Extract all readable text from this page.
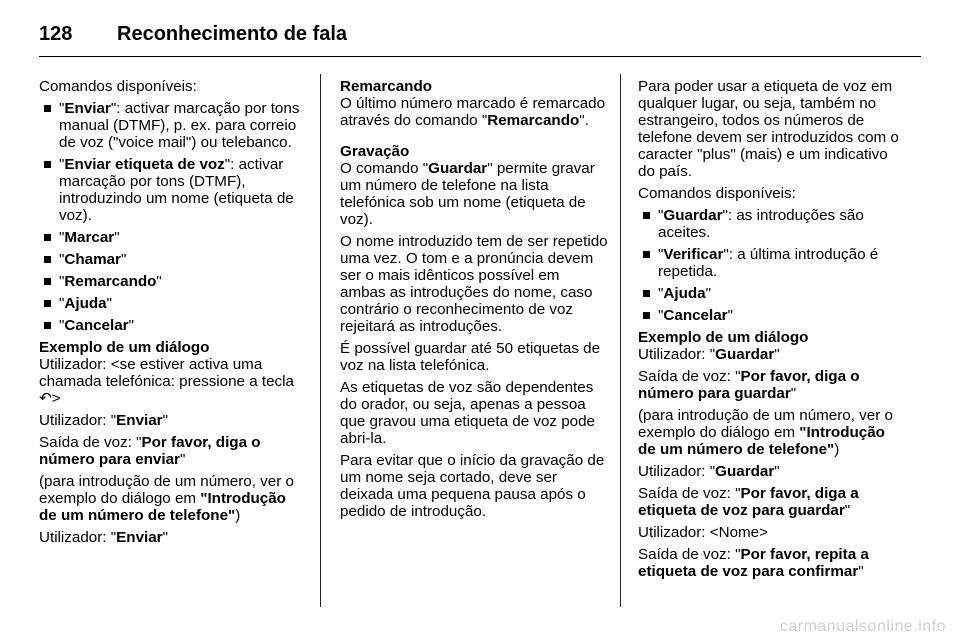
128	Reconhecimento de fala

Comandos disponíveis:

"Enviar": activar marcação por tons manual (DTMF), p. ex. para correio de voz ("voice mail") ou telebanco.
"Enviar etiqueta de voz": activar marcação por tons (DTMF), introduzindo um nome (etiqueta de voz).
"Marcar"
"Chamar"
"Remarcando"
"Ajuda"
"Cancelar"

Exemplo de um diálogo

Utilizador: <se estiver activa uma chamada telefónica: pressione a tecla ↶>

Utilizador: "Enviar"

Saída de voz: "Por favor, diga o número para enviar"

(para introdução de um número, ver o exemplo do diálogo em "Introdução de um número de telefone")

Utilizador: "Enviar"

Remarcando

O último número marcado é remarcado através do comando "Remarcando".

Gravação

O comando "Guardar" permite gravar um número de telefone na lista telefónica sob um nome (etiqueta de voz).

O nome introduzido tem de ser repetido uma vez. O tom e a pronúncia devem ser o mais idênticos possível em ambas as introduções do nome, caso contrário o reconhecimento de voz rejeitará as introduções.

É possível guardar até 50 etiquetas de voz na lista telefónica.

As etiquetas de voz são dependentes do orador, ou seja, apenas a pessoa que gravou uma etiqueta de voz pode abri-la.

Para evitar que o início da gravação de um nome seja cortado, deve ser deixada uma pequena pausa após o pedido de introdução.

Para poder usar a etiqueta de voz em qualquer lugar, ou seja, também no estrangeiro, todos os números de telefone devem ser introduzidos com o caracter "plus" (mais) e um indicativo do país.

Comandos disponíveis:

"Guardar": as introduções são aceites.
"Verificar": a última introdução é repetida.
"Ajuda"
"Cancelar"

Exemplo de um diálogo

Utilizador: "Guardar"

Saída de voz: "Por favor, diga o número para guardar"

(para introdução de um número, ver o exemplo do diálogo em "Introdução de um número de telefone")

Utilizador: "Guardar"

Saída de voz: "Por favor, diga a etiqueta de voz para guardar"

Utilizador: <Nome>

Saída de voz: "Por favor, repita a etiqueta de voz para confirmar"

carmanualsonline.info
